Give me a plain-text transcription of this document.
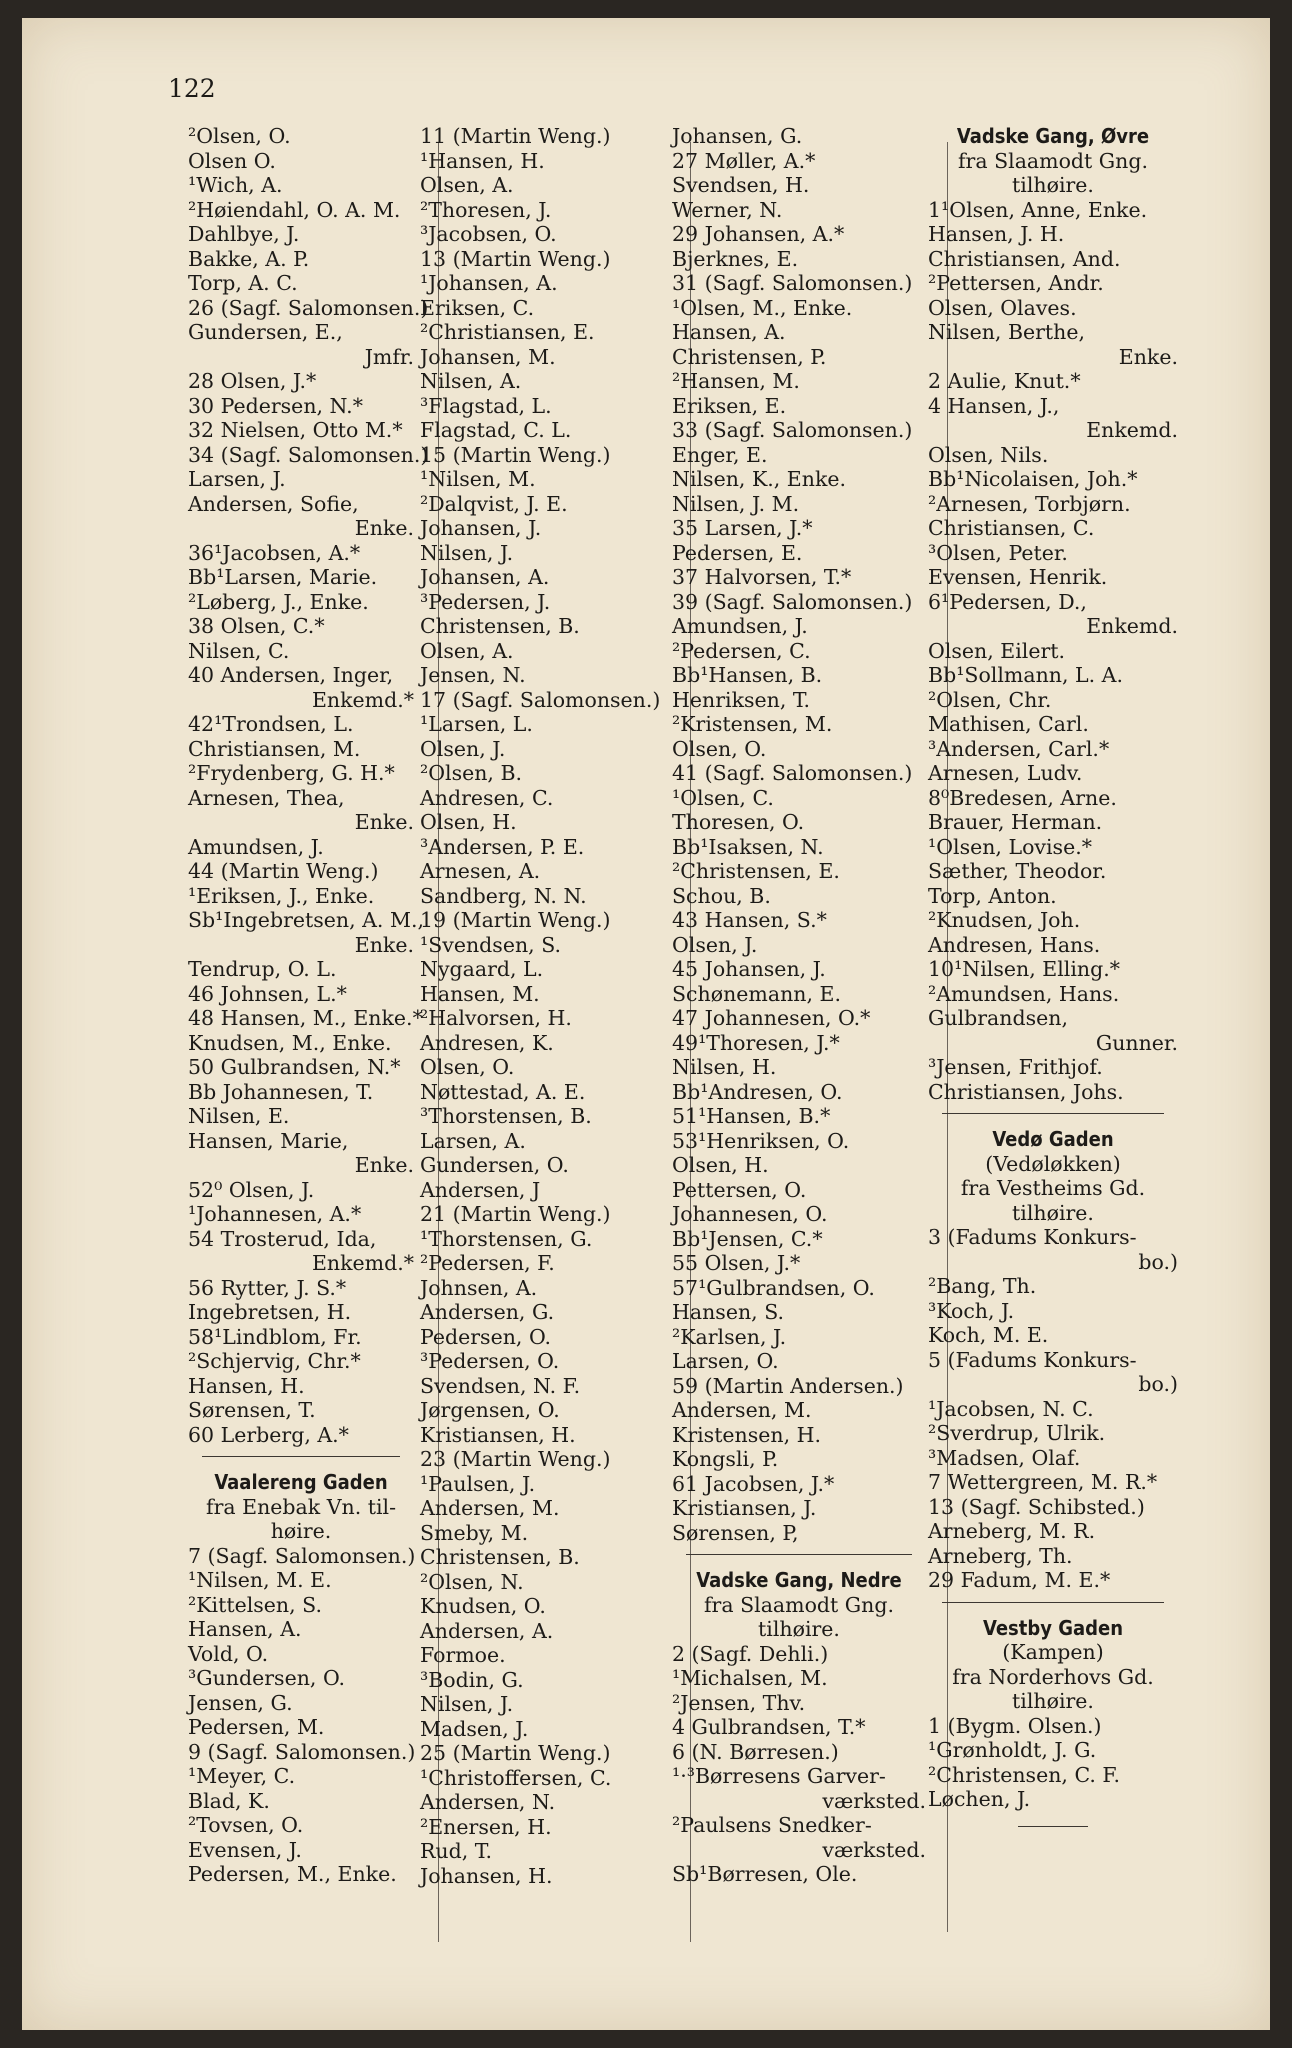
122
²Olsen, O.
Olsen O.
¹Wich, A.
²Høiendahl, O. A. M.
Dahlbye, J.
Bakke, A. P.
Torp, A. C.
26 (Sagf. Salomonsen.)
Gundersen, E.,
Jmfr.
28 Olsen, J.*
30 Pedersen, N.*
32 Nielsen, Otto M.*
34 (Sagf. Salomonsen.)
Larsen, J.
Andersen, Sofie,
Enke.
36¹Jacobsen, A.*
Bb¹Larsen, Marie.
²Løberg, J., Enke.
38 Olsen, C.*
Nilsen, C.
40 Andersen, Inger,
Enkemd.*
42¹Trondsen, L.
Christiansen, M.
²Frydenberg, G. H.*
Arnesen, Thea,
Enke.
Amundsen, J.
44 (Martin Weng.)
¹Eriksen, J., Enke.
Sb¹Ingebretsen, A. M.,
Enke.
Tendrup, O. L.
46 Johnsen, L.*
48 Hansen, M., Enke.*
Knudsen, M., Enke.
50 Gulbrandsen, N.*
Bb Johannesen, T.
Nilsen, E.
Hansen, Marie,
Enke.
52⁰ Olsen, J.
¹Johannesen, A.*
54 Trosterud, Ida,
Enkemd.*
56 Rytter, J. S.*
Ingebretsen, H.
58¹Lindblom, Fr.
²Schjervig, Chr.*
Hansen, H.
Sørensen, T.
60 Lerberg, A.*
Vaalereng Gaden
fra Enebak Vn. til-
høire.
7 (Sagf. Salomonsen.)
¹Nilsen, M. E.
²Kittelsen, S.
Hansen, A.
Vold, O.
³Gundersen, O.
Jensen, G.
Pedersen, M.
9 (Sagf. Salomonsen.)
¹Meyer, C.
Blad, K.
²Tovsen, O.
Evensen, J.
Pedersen, M., Enke.
11 (Martin Weng.)
¹Hansen, H.
Olsen, A.
²Thoresen, J.
³Jacobsen, O.
13 (Martin Weng.)
¹Johansen, A.
Eriksen, C.
²Christiansen, E.
Johansen, M.
Nilsen, A.
³Flagstad, L.
Flagstad, C. L.
15 (Martin Weng.)
¹Nilsen, M.
²Dalqvist, J. E.
Johansen, J.
Nilsen, J.
Johansen, A.
³Pedersen, J.
Christensen, B.
Olsen, A.
Jensen, N.
17 (Sagf. Salomonsen.)
¹Larsen, L.
Olsen, J.
²Olsen, B.
Andresen, C.
Olsen, H.
³Andersen, P. E.
Arnesen, A.
Sandberg, N. N.
19 (Martin Weng.)
¹Svendsen, S.
Nygaard, L.
Hansen, M.
²Halvorsen, H.
Andresen, K.
Olsen, O.
Nøttestad, A. E.
³Thorstensen, B.
Larsen, A.
Gundersen, O.
Andersen, J
21 (Martin Weng.)
¹Thorstensen, G.
²Pedersen, F.
Johnsen, A.
Andersen, G.
Pedersen, O.
³Pedersen, O.
Svendsen, N. F.
Jørgensen, O.
Kristiansen, H.
23 (Martin Weng.)
¹Paulsen, J.
Andersen, M.
Smeby, M.
Christensen, B.
²Olsen, N.
Knudsen, O.
Andersen, A.
Formoe.
³Bodin, G.
Nilsen, J.
Madsen, J.
25 (Martin Weng.)
¹Christoffersen, C.
Andersen, N.
²Enersen, H.
Rud, T.
Johansen, H.
Johansen, G.
27 Møller, A.*
Svendsen, H.
Werner, N.
29 Johansen, A.*
Bjerknes, E.
31 (Sagf. Salomonsen.)
¹Olsen, M., Enke.
Hansen, A.
Christensen, P.
²Hansen, M.
Eriksen, E.
33 (Sagf. Salomonsen.)
Enger, E.
Nilsen, K., Enke.
Nilsen, J. M.
35 Larsen, J.*
Pedersen, E.
37 Halvorsen, T.*
39 (Sagf. Salomonsen.)
Amundsen, J.
²Pedersen, C.
Bb¹Hansen, B.
Henriksen, T.
²Kristensen, M.
Olsen, O.
41 (Sagf. Salomonsen.)
¹Olsen, C.
Thoresen, O.
Bb¹Isaksen, N.
²Christensen, E.
Schou, B.
43 Hansen, S.*
Olsen, J.
45 Johansen, J.
Schønemann, E.
47 Johannesen, O.*
49¹Thoresen, J.*
Nilsen, H.
Bb¹Andresen, O.
51¹Hansen, B.*
53¹Henriksen, O.
Olsen, H.
Pettersen, O.
Johannesen, O.
Bb¹Jensen, C.*
55 Olsen, J.*
57¹Gulbrandsen, O.
Hansen, S.
²Karlsen, J.
Larsen, O.
59 (Martin Andersen.)
Andersen, M.
Kristensen, H.
Kongsli, P.
61 Jacobsen, J.*
Kristiansen, J.
Sørensen, P,
Vadske Gang, Nedre
fra Slaamodt Gng.
tilhøire.
2 (Sagf. Dehli.)
¹Michalsen, M.
²Jensen, Thv.
4 Gulbrandsen, T.*
6 (N. Børresen.)
¹·³Børresens Garver-
værksted.
²Paulsens Snedker-
værksted.
Sb¹Børresen, Ole.
Vadske Gang, Øvre
fra Slaamodt Gng.
tilhøire.
1¹Olsen, Anne, Enke.
Hansen, J. H.
Christiansen, And.
²Pettersen, Andr.
Olsen, Olaves.
Nilsen, Berthe,
Enke.
2 Aulie, Knut.*
4 Hansen, J.,
Enkemd.
Olsen, Nils.
Bb¹Nicolaisen, Joh.*
²Arnesen, Torbjørn.
Christiansen, C.
³Olsen, Peter.
Evensen, Henrik.
6¹Pedersen, D.,
Enkemd.
Olsen, Eilert.
Bb¹Sollmann, L. A.
²Olsen, Chr.
Mathisen, Carl.
³Andersen, Carl.*
Arnesen, Ludv.
8⁰Bredesen, Arne.
Brauer, Herman.
¹Olsen, Lovise.*
Sæther, Theodor.
Torp, Anton.
²Knudsen, Joh.
Andresen, Hans.
10¹Nilsen, Elling.*
²Amundsen, Hans.
Gulbrandsen,
Gunner.
³Jensen, Frithjof.
Christiansen, Johs.
Vedø Gaden
(Vedøløkken)
fra Vestheims Gd.
tilhøire.
3 (Fadums Konkurs-
bo.)
²Bang, Th.
³Koch, J.
Koch, M. E.
5 (Fadums Konkurs-
bo.)
¹Jacobsen, N. C.
²Sverdrup, Ulrik.
³Madsen, Olaf.
7 Wettergreen, M. R.*
13 (Sagf. Schibsted.)
Arneberg, M. R.
Arneberg, Th.
29 Fadum, M. E.*
Vestby Gaden
(Kampen)
fra Norderhovs Gd.
tilhøire.
1 (Bygm. Olsen.)
¹Grønholdt, J. G.
²Christensen, C. F.
Løchen, J.
